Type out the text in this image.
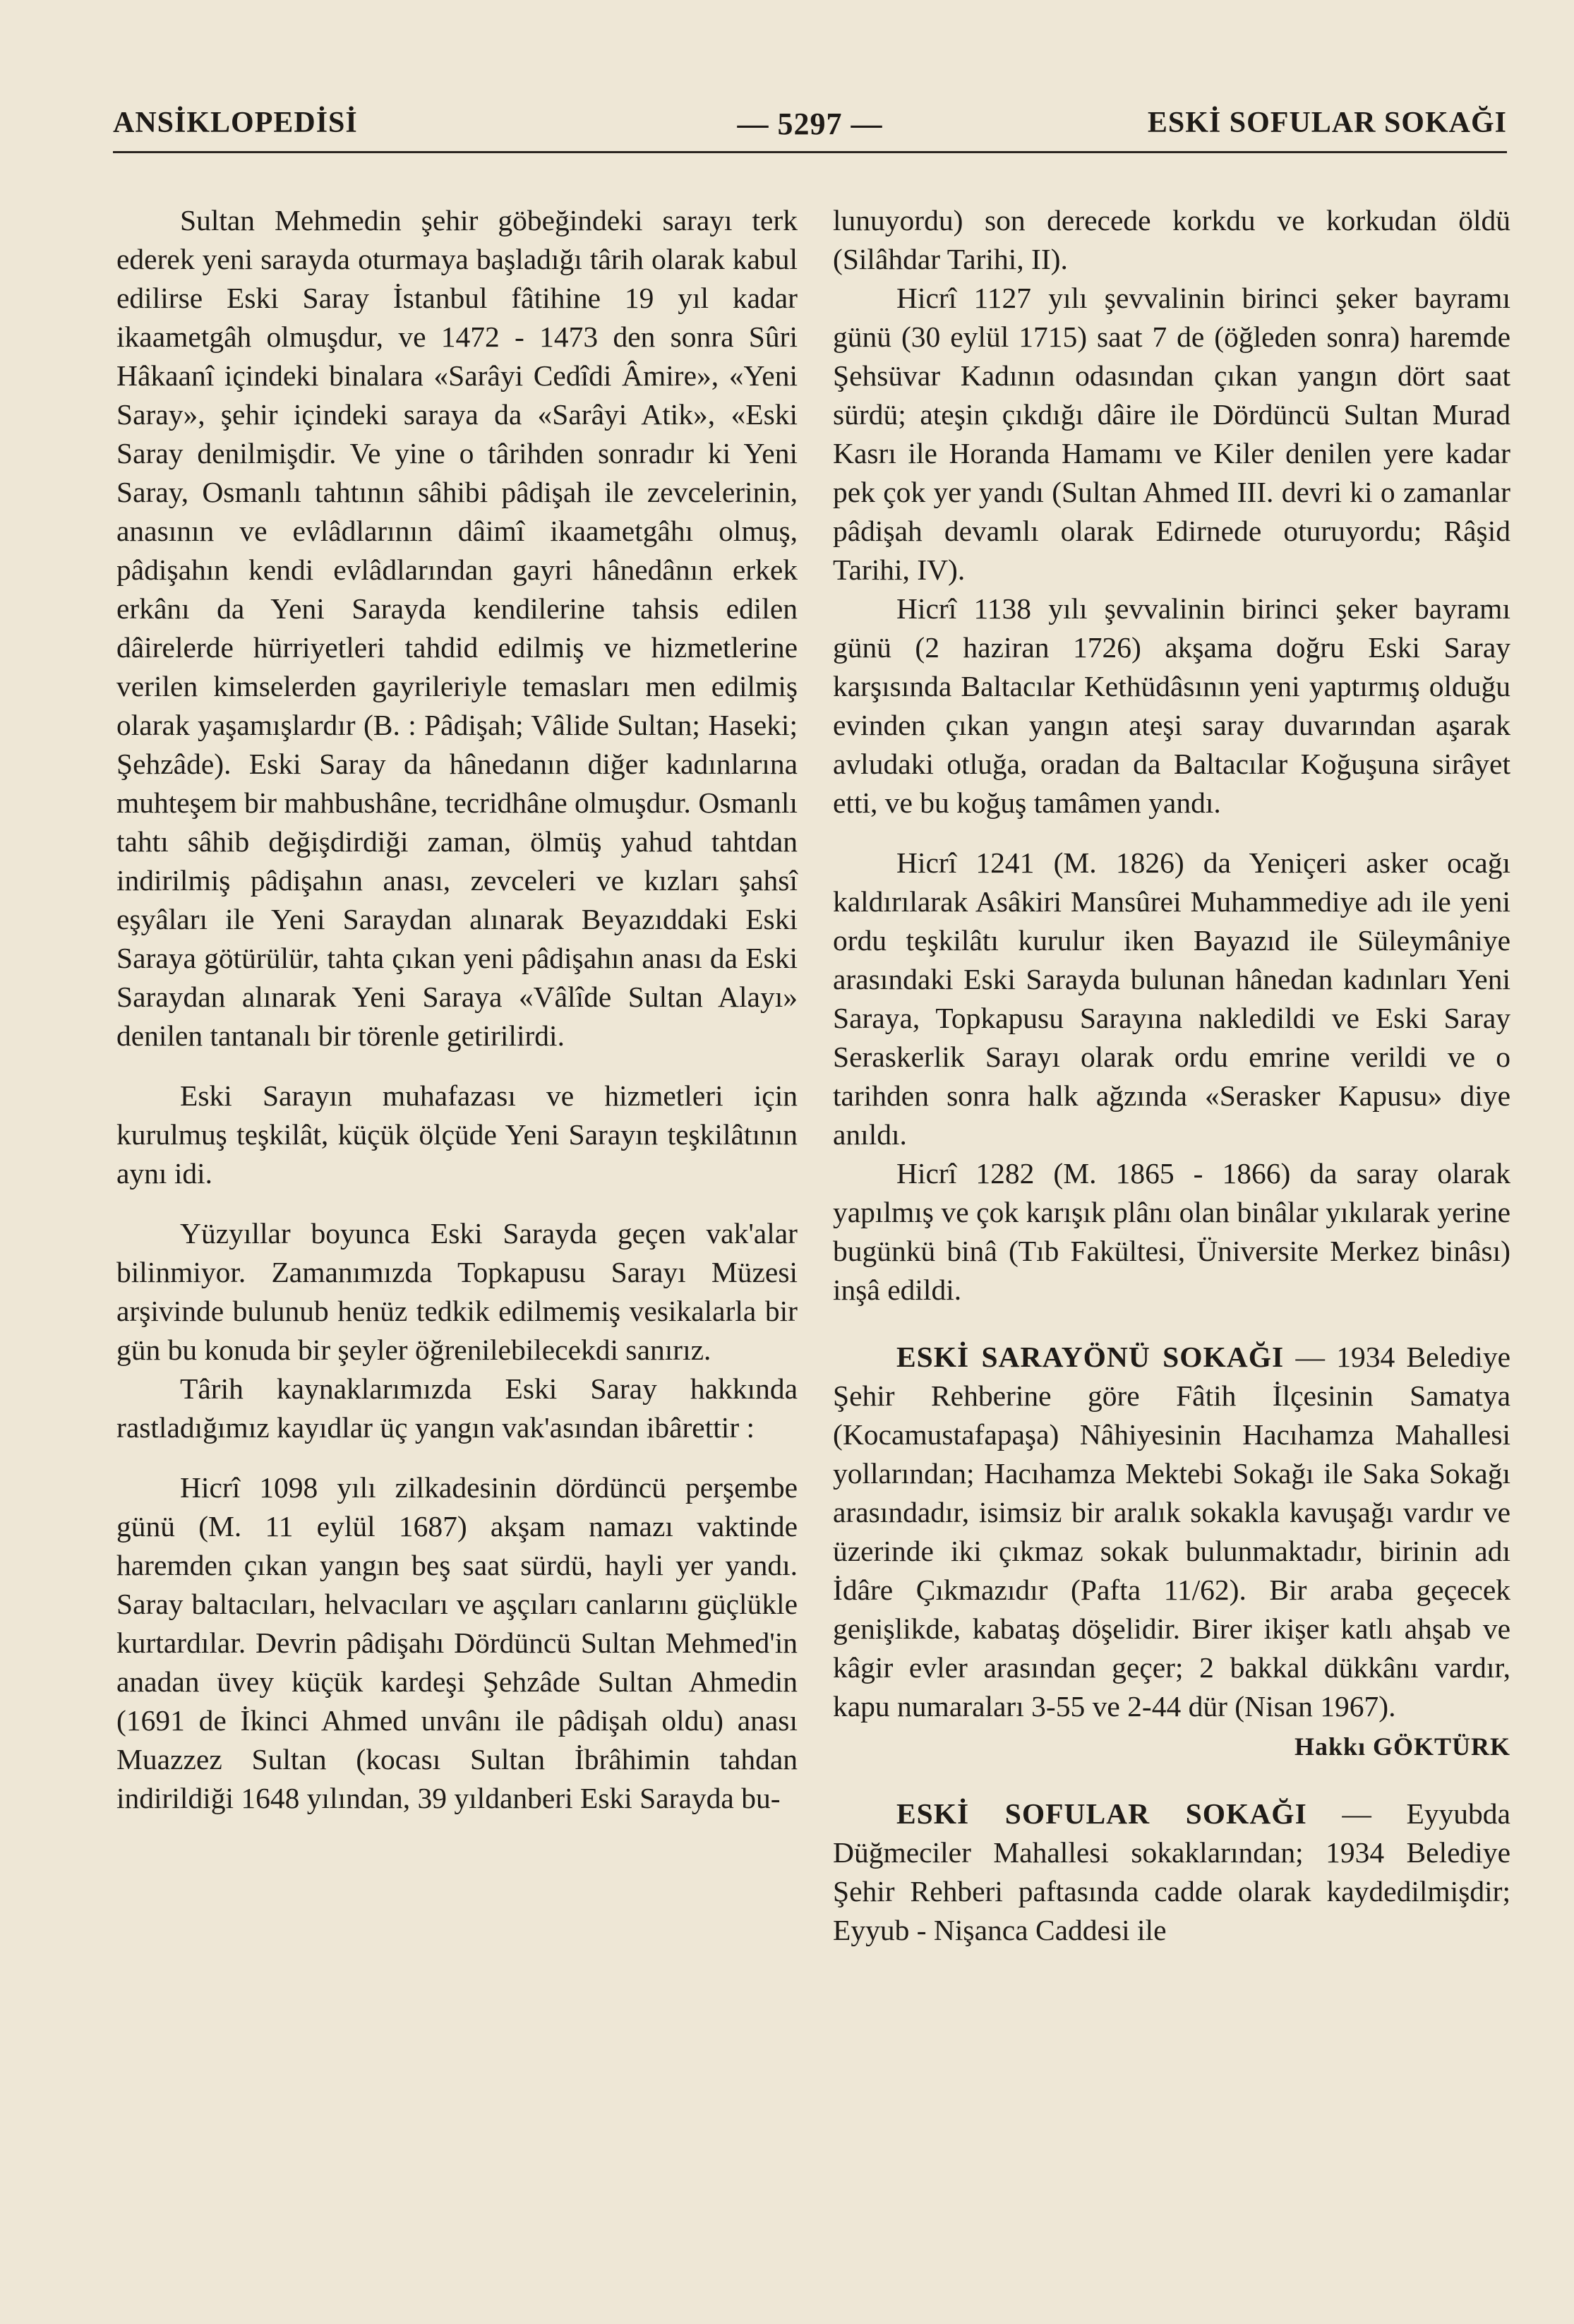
ANSİKLOPEDİSİ	— 5297 —	ESKİ SOFULAR SOKAĞI

Sultan Mehmedin şehir göbeğindeki sarayı terk ederek yeni sarayda oturmaya başladığı târih olarak kabul edilirse Eski Saray İstanbul fâtihine 19 yıl kadar ikaametgâh olmuşdur, ve 1472 - 1473 den sonra Sûri Hâkaanî içindeki binalara «Sarâyi Cedîdi Âmire», «Yeni Saray», şehir içindeki saraya da «Sarâyi Atik», «Eski Saray denilmişdir. Ve yine o târihden sonradır ki Yeni Saray, Osmanlı tahtının sâhibi pâdişah ile zevcelerinin, anasının ve evlâdlarının dâimî ikaametgâhı olmuş, pâdişahın kendi evlâdlarından gayri hânedânın erkek erkânı da Yeni Sarayda kendilerine tahsis edilen dâirelerde hürriyetleri tahdid edilmiş ve hizmetlerine verilen kimselerden gayrileriyle temasları men edilmiş olarak yaşamışlardır (B. : Pâdişah; Vâlide Sultan; Haseki; Şehzâde). Eski Saray da hânedanın diğer kadınlarına muhteşem bir mahbushâne, tecridhâne olmuşdur. Osmanlı tahtı sâhib değişdirdiği zaman, ölmüş yahud tahtdan indirilmiş pâdişahın anası, zevceleri ve kızları şahsî eşyâları ile Yeni Saraydan alınarak Beyazıddaki Eski Saraya götürülür, tahta çıkan yeni pâdişahın anası da Eski Saraydan alınarak Yeni Saraya «Vâlîde Sultan Alayı» denilen tantanalı bir törenle getirilirdi.

Eski Sarayın muhafazası ve hizmetleri için kurulmuş teşkilât, küçük ölçüde Yeni Sarayın teşkilâtının aynı idi.

Yüzyıllar boyunca Eski Sarayda geçen vak'alar bilinmiyor. Zamanımızda Topkapusu Sarayı Müzesi arşivinde bulunub henüz tedkik edilmemiş vesikalarla bir gün bu konuda bir şeyler öğrenilebilecekdi sanırız.

Târih kaynaklarımızda Eski Saray hakkında rastladığımız kayıdlar üç yangın vak'asından ibârettir :

Hicrî 1098 yılı zilkadesinin dördüncü perşembe günü (M. 11 eylül 1687) akşam namazı vaktinde haremden çıkan yangın beş saat sürdü, hayli yer yandı. Saray baltacıları, helvacıları ve aşçıları canlarını güçlükle kurtardılar. Devrin pâdişahı Dördüncü Sultan Mehmed'in anadan üvey küçük kardeşi Şehzâde Sultan Ahmedin (1691 de İkinci Ahmed unvânı ile pâdişah oldu) anası Muazzez Sultan (kocası Sultan İbrâhimin tahdan indirildiği 1648 yılından, 39 yıldanberi Eski Sarayda bu-

lunuyordu) son derecede korkdu ve korkudan öldü (Silâhdar Tarihi, II).

Hicrî 1127 yılı şevvalinin birinci şeker bayramı günü (30 eylül 1715) saat 7 de (öğleden sonra) haremde Şehsüvar Kadının odasından çıkan yangın dört saat sürdü; ateşin çıkdığı dâire ile Dördüncü Sultan Murad Kasrı ile Horanda Hamamı ve Kiler denilen yere kadar pek çok yer yandı (Sultan Ahmed III. devri ki o zamanlar pâdişah devamlı olarak Edirnede oturuyordu; Râşid Tarihi, IV).

Hicrî 1138 yılı şevvalinin birinci şeker bayramı günü (2 haziran 1726) akşama doğru Eski Saray karşısında Baltacılar Kethüdâsının yeni yaptırmış olduğu evinden çıkan yangın ateşi saray duvarından aşarak avludaki otluğa, oradan da Baltacılar Koğuşuna sirâyet etti, ve bu koğuş tamâmen yandı.

Hicrî 1241 (M. 1826) da Yeniçeri asker ocağı kaldırılarak Asâkiri Mansûrei Muhammediye adı ile yeni ordu teşkilâtı kurulur iken Bayazıd ile Süleymâniye arasındaki Eski Sarayda bulunan hânedan kadınları Yeni Saraya, Topkapusu Sarayına nakledildi ve Eski Saray Seraskerlik Sarayı olarak ordu emrine verildi ve o tarihden sonra halk ağzında «Serasker Kapusu» diye anıldı.

Hicrî 1282 (M. 1865 - 1866) da saray olarak yapılmış ve çok karışık plânı olan binâlar yıkılarak yerine bugünkü binâ (Tıb Fakültesi, Üniversite Merkez binâsı) inşâ edildi.

ESKİ SARAYÖNÜ SOKAĞI — 1934 Belediye Şehir Rehberine göre Fâtih İlçesinin Samatya (Kocamustafapaşa) Nâhiyesinin Hacıhamza Mahallesi yollarından; Hacıhamza Mektebi Sokağı ile Saka Sokağı arasındadır, isimsiz bir aralık sokakla kavuşağı vardır ve üzerinde iki çıkmaz sokak bulunmaktadır, birinin adı İdâre Çıkmazıdır (Pafta 11/62). Bir araba geçecek genişlikde, kabataş döşelidir. Birer ikişer katlı ahşab ve kâgir evler arasından geçer; 2 bakkal dükkânı vardır, kapu numaraları 3-55 ve 2-44 dür (Nisan 1967).

Hakkı GÖKTÜRK

ESKİ SOFULAR SOKAĞI — Eyyubda Düğmeciler Mahallesi sokaklarından; 1934 Belediye Şehir Rehberi paftasında cadde olarak kaydedilmişdir; Eyyub - Nişanca Caddesi ile
